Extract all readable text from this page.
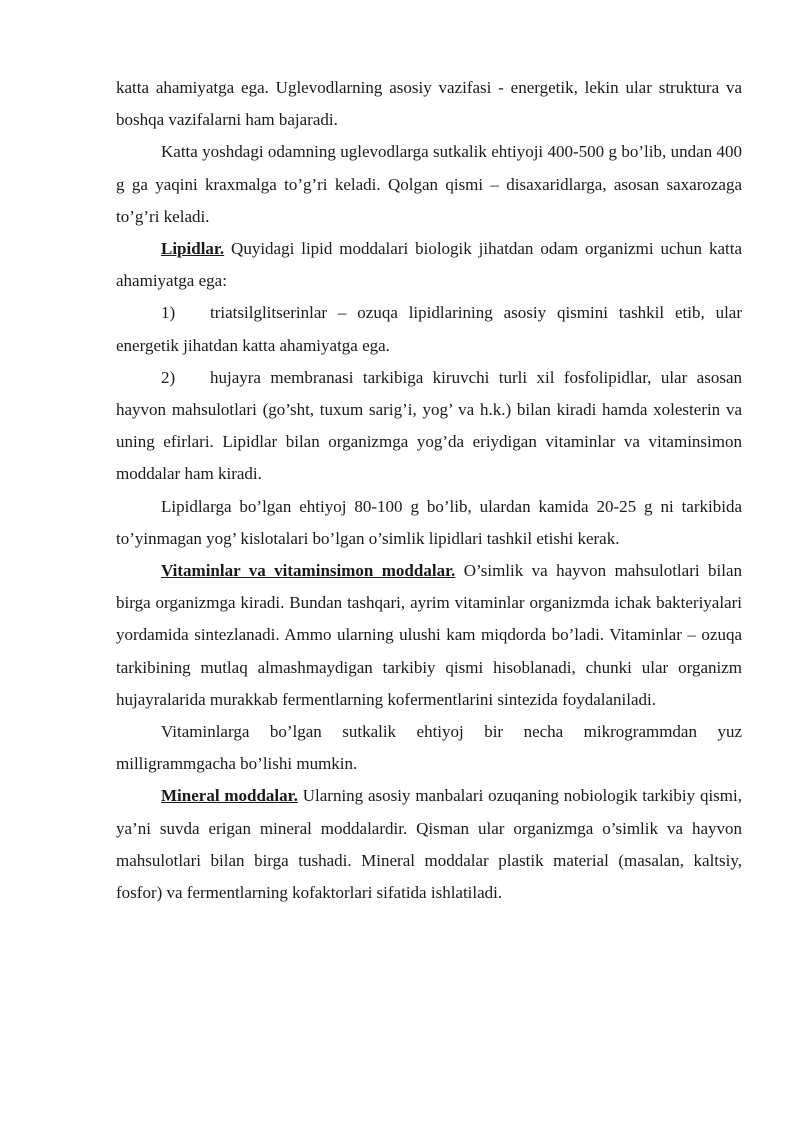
katta ahamiyatga ega. Uglevodlarning asosiy vazifasi - energetik, lekin ular struktura va boshqa vazifalarni ham bajaradi.

Katta yoshdagi odamning uglevodlarga sutkalik ehtiyoji 400-500 g bo’lib, undan 400 g ga yaqini kraxmalga to’g’ri keladi. Qolgan qismi – disaxaridlarga, asosan saxarozaga to’g’ri keladi.

Lipidlar. Quyidagi lipid moddalari biologik jihatdan odam organizmi uchun katta ahamiyatga ega:

1) triatsilglitserinlar – ozuqa lipidlarining asosiy qismini tashkil etib, ular energetik jihatdan katta ahamiyatga ega.

2) hujayra membranasi tarkibiga kiruvchi turli xil fosfolipidlar, ular asosan hayvon mahsulotlari (go’sht, tuxum sarig’i, yog’ va h.k.) bilan kiradi hamda xolesterin va uning efirlari. Lipidlar bilan organizmga yog’da eriydigan vitaminlar va vitaminsimon moddalar ham kiradi.

Lipidlarga bo’lgan ehtiyoj 80-100 g bo’lib, ulardan kamida 20-25 g ni tarkibida to’yinmagan yog’ kislotalari bo’lgan o’simlik lipidlari tashkil etishi kerak.

Vitaminlar va vitaminsimon moddalar. O’simlik va hayvon mahsulotlari bilan birga organizmga kiradi. Bundan tashqari, ayrim vitaminlar organizmda ichak bakteriyalari yordamida sintezlanadi. Ammo ularning ulushi kam miqdorda bo’ladi. Vitaminlar – ozuqa tarkibining mutlaq almashmaydigan tarkibiy qismi hisoblanadi, chunki ular organizm hujayralarida murakkab fermentlarning kofermentlarini sintezida foydalaniladi.

Vitaminlarga bo’lgan sutkalik ehtiyoj bir necha mikrogrammdan yuz milligrammgacha bo’lishi mumkin.

Mineral moddalar. Ularning asosiy manbalari ozuqaning nobiologik tarkibiy qismi, ya’ni suvda erigan mineral moddalardir. Qisman ular organizmga o’simlik va hayvon mahsulotlari bilan birga tushadi. Mineral moddalar plastik material (masalan, kaltsiy, fosfor) va fermentlarning kofaktorlari sifatida ishlatiladi.
